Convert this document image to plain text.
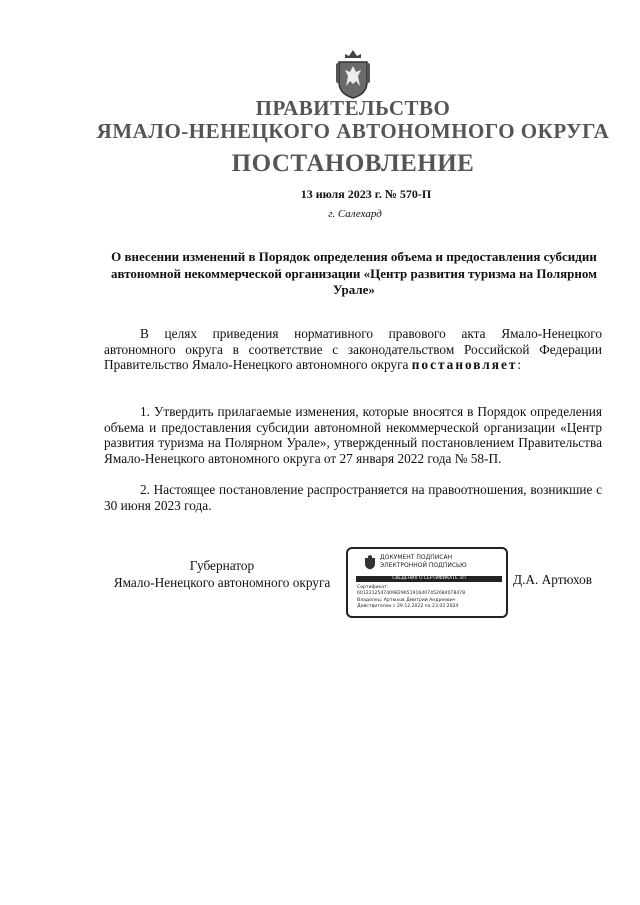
ПРАВИТЕЛЬСТВО
ЯМАЛО-НЕНЕЦКОГО АВТОНОМНОГО ОКРУГА
ПОСТАНОВЛЕНИЕ
13 июля 2023 г. № 570-П
г. Салехард
О внесении изменений в Порядок определения объема и предоставления субсидии автономной некоммерческой организации «Центр развития туризма на Полярном Урале»

В целях приведения нормативного правового акта Ямало-Ненецкого автономного округа в соответствие с законодательством Российской Федерации Правительство Ямало-Ненецкого автономного округа постановляет:

1. Утвердить прилагаемые изменения, которые вносятся в Порядок определения объема и предоставления субсидии автономной некоммерческой организации «Центр развития туризма на Полярном Урале», утвержденный постановлением Правительства Ямало-Ненецкого автономного округа от 27 января 2022 года № 58-П.

2. Настоящее постановление распространяется на правоотношения, возникшие с 30 июня 2023 года.

Губернатор
Ямало-Ненецкого автономного округа
ДОКУМЕНТ ПОДПИСАН
ЭЛЕКТРОННОЙ ПОДПИСЬЮ
СВЕДЕНИЯ О СЕРТИФИКАТЕ ЭП
Сертификат:
6012212547409829651916407452684078478
Владелец: Артюхов Дмитрий Андреевич
Действителен с 29.12.2022 по 23.03.2024
Д.А. Артюхов
